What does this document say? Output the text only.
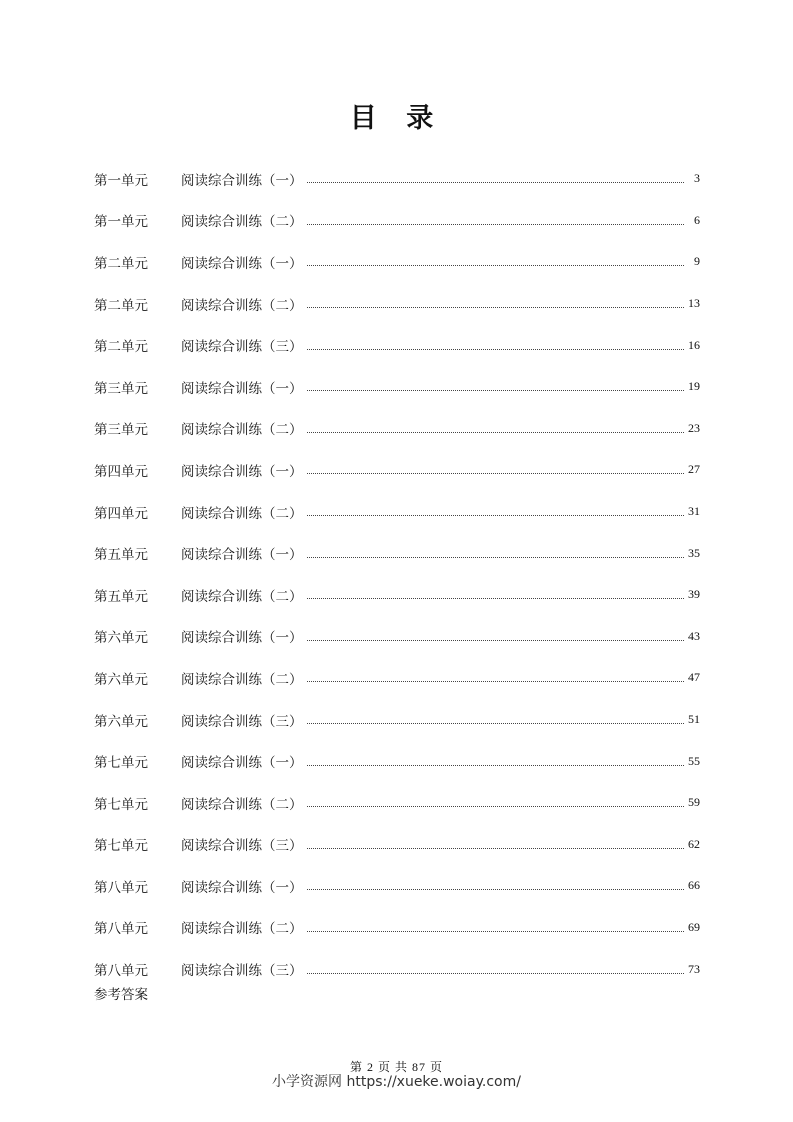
目 录
第一单元	阅读综合训练（一）	3
第一单元	阅读综合训练（二）	6
第二单元	阅读综合训练（一）	9
第二单元	阅读综合训练（二）	13
第二单元	阅读综合训练（三）	16
第三单元	阅读综合训练（一）	19
第三单元	阅读综合训练（二）	23
第四单元	阅读综合训练（一）	27
第四单元	阅读综合训练（二）	31
第五单元	阅读综合训练（一）	35
第五单元	阅读综合训练（二）	39
第六单元	阅读综合训练（一）	43
第六单元	阅读综合训练（二）	47
第六单元	阅读综合训练（三）	51
第七单元	阅读综合训练（一）	55
第七单元	阅读综合训练（二）	59
第七单元	阅读综合训练（三）	62
第八单元	阅读综合训练（一）	66
第八单元	阅读综合训练（二）	69
第八单元	阅读综合训练（三）	73
参考答案
第 2 页 共 87 页
小学资源网 https://xueke.woiay.com/
